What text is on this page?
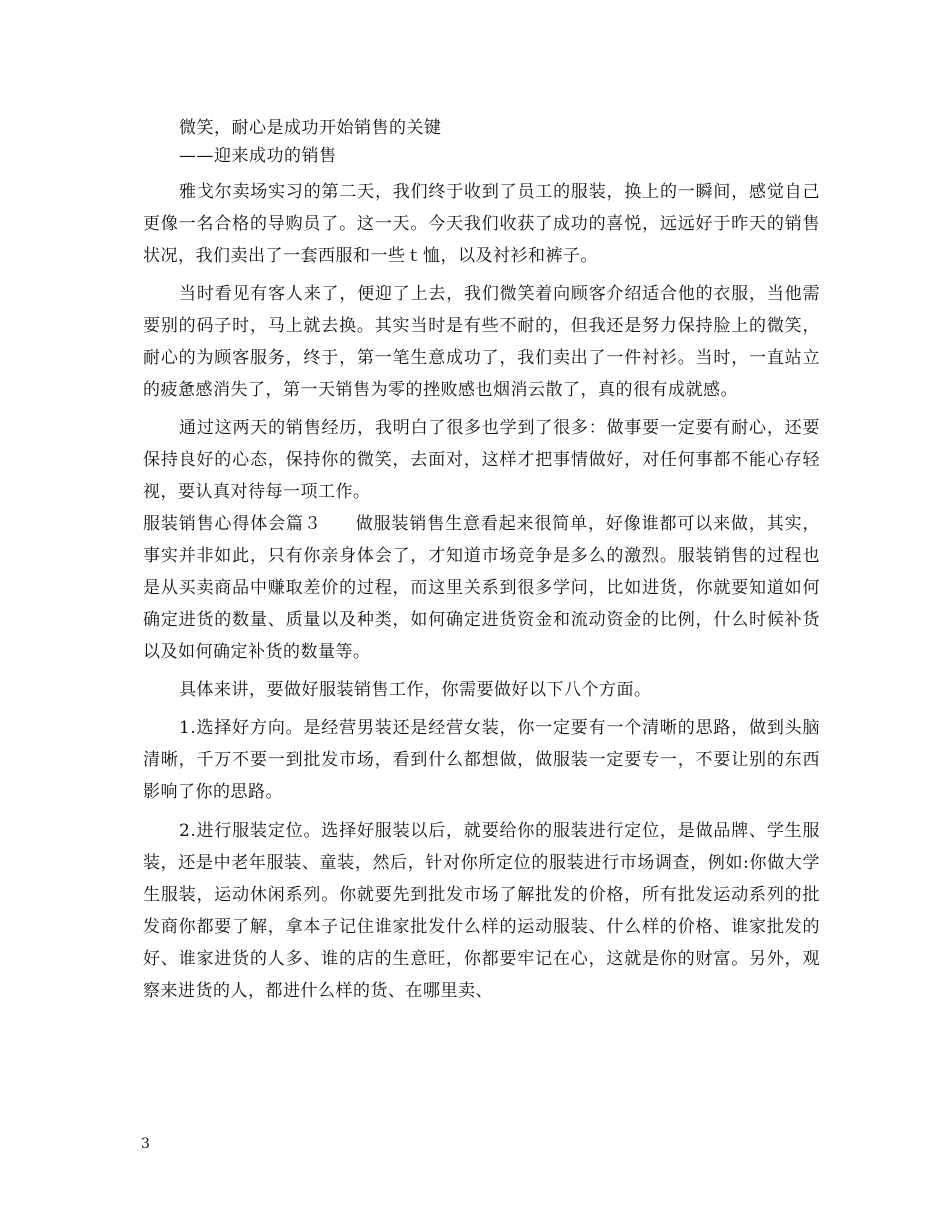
微笑，耐心是成功开始销售的关键

——迎来成功的销售

雅戈尔卖场实习的第二天，我们终于收到了员工的服装，换上的一瞬间，感觉自己更像一名合格的导购员了。这一天。今天我们收获了成功的喜悦，远远好于昨天的销售状况，我们卖出了一套西服和一些ｔ恤，以及衬衫和裤子。

当时看见有客人来了，便迎了上去，我们微笑着向顾客介绍适合他的衣服，当他需要别的码子时，马上就去换。其实当时是有些不耐的，但我还是努力保持脸上的微笑，耐心的为顾客服务，终于，第一笔生意成功了，我们卖出了一件衬衫。当时，一直站立的疲惫感消失了，第一天销售为零的挫败感也烟消云散了，真的很有成就感。

通过这两天的销售经历，我明白了很多也学到了很多：做事要一定要有耐心，还要保持良好的心态，保持你的微笑，去面对，这样才把事情做好，对任何事都不能心存轻视，要认真对待每一项工作。

服装销售心得体会篇３ 做服装销售生意看起来很简单，好像谁都可以来做，其实，事实并非如此，只有你亲身体会了，才知道市场竞争是多么的激烈。服装销售的过程也是从买卖商品中赚取差价的过程，而这里关系到很多学问，比如进货，你就要知道如何确定进货的数量、质量以及种类，如何确定进货资金和流动资金的比例，什么时候补货以及如何确定补货的数量等。

具体来讲，要做好服装销售工作，你需要做好以下八个方面。

1.选择好方向。是经营男装还是经营女装，你一定要有一个清晰的思路，做到头脑清晰，千万不要一到批发市场，看到什么都想做，做服装一定要专一，不要让别的东西影响了你的思路。

2.进行服装定位。选择好服装以后，就要给你的服装进行定位，是做品牌、学生服装，还是中老年服装、童装，然后，针对你所定位的服装进行市场调查，例如:你做大学生服装，运动休闲系列。你就要先到批发市场了解批发的价格，所有批发运动系列的批发商你都要了解，拿本子记住谁家批发什么样的运动服装、什么样的价格、谁家批发的好、谁家进货的人多、谁的店的生意旺，你都要牢记在心，这就是你的财富。另外，观察来进货的人，都进什么样的货、在哪里卖、

3
